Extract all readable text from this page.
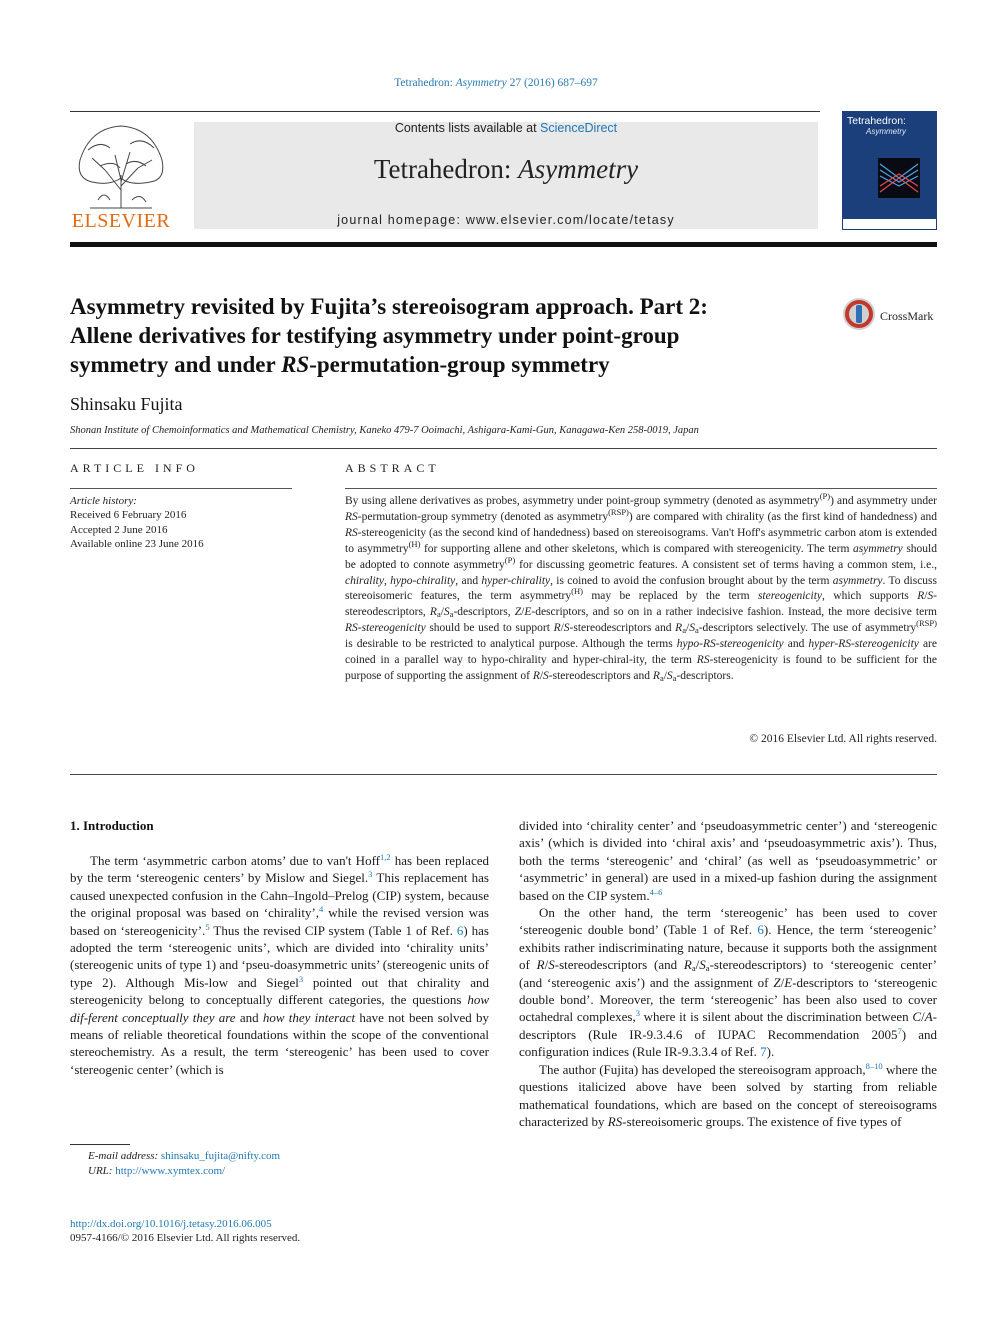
Tetrahedron: Asymmetry 27 (2016) 687–697
ELSEVIER
Contents lists available at ScienceDirect
Tetrahedron: Asymmetry
journal homepage: www.elsevier.com/locate/tetasy
Tetrahedron:
Asymmetry
Asymmetry revisited by Fujita’s stereoisogram approach. Part 2:
Allene derivatives for testifying asymmetry under point-group
symmetry and under RS-permutation-group symmetry
CrossMark
Shinsaku Fujita
Shonan Institute of Chemoinformatics and Mathematical Chemistry, Kaneko 479-7 Ooimachi, Ashigara-Kami-Gun, Kanagawa-Ken 258-0019, Japan
ARTICLE INFO
Article history:
Received 6 February 2016
Accepted 2 June 2016
Available online 23 June 2016
ABSTRACT
By using allene derivatives as probes, asymmetry under point-group symmetry (denoted as asymmetry$^{(P)}$) and asymmetry under RS-permutation-group symmetry (denoted as asymmetry$^{(RSP)}$) are compared with chirality (as the first kind of handedness) and RS-stereogenicity (as the second kind of handedness) based on stereoisograms. Van't Hoff's asymmetric carbon atom is extended to asymmetry$^{(H)}$ for supporting allene and other skeletons, which is compared with stereogenicity. The term asymmetry should be adopted to connote asymmetry$^{(P)}$ for discussing geometric features. A consistent set of terms having a common stem, i.e., chirality, hypo-chirality, and hyper-chirality, is coined to avoid the confusion brought about by the term asymmetry. To discuss stereoisomeric features, the term asymmetry$^{(H)}$ may be replaced by the term stereogenicity, which supports R/S-stereodescriptors, $R_a/S_a$-descriptors, Z/E-descriptors, and so on in a rather indecisive fashion. Instead, the more decisive term RS-stereogenicity should be used to support R/S-stereodescriptors and $R_a/S_a$-descriptors selectively. The use of asymmetry$^{(RSP)}$ is desirable to be restricted to analytical purpose. Although the terms hypo-RS-stereogenicity and hyper-RS-stereogenicity are coined in a parallel way to hypo-chirality and hyper-chiral-ity, the term RS-stereogenicity is found to be sufficient for the purpose of supporting the assignment of R/S-stereodescriptors and $R_a/S_a$-descriptors.
© 2016 Elsevier Ltd. All rights reserved.
1. Introduction

The term ‘asymmetric carbon atoms’ due to van't Hoff$^{1,2}$ has been replaced by the term ‘stereogenic centers’ by Mislow and Siegel.$^3$ This replacement has caused unexpected confusion in the Cahn–Ingold–Prelog (CIP) system, because the original proposal was based on ‘chirality’,$^4$ while the revised version was based on ‘stereogenicity’.$^5$ Thus the revised CIP system (Table 1 of Ref. 6) has adopted the term ‘stereogenic units’, which are divided into ‘chirality units’ (stereogenic units of type 1) and ‘pseu-doasymmetric units’ (stereogenic units of type 2). Although Mis-low and Siegel$^3$ pointed out that chirality and stereogenicity belong to conceptually different categories, the questions how dif-ferent conceptually they are and how they interact have not been solved by means of reliable theoretical foundations within the scope of the conventional stereochemistry. As a result, the term ‘stereogenic’ has been used to cover ‘stereogenic center’ (which is

divided into ‘chirality center’ and ‘pseudoasymmetric center’) and ‘stereogenic axis’ (which is divided into ‘chiral axis’ and ‘pseudoasymmetric axis’). Thus, both the terms ‘stereogenic’ and ‘chiral’ (as well as ‘pseudoasymmetric’ or ‘asymmetric’ in general) are used in a mixed-up fashion during the assignment based on the CIP system.$^{4-6}$

On the other hand, the term ‘stereogenic’ has been used to cover ‘stereogenic double bond’ (Table 1 of Ref. 6). Hence, the term ‘stereogenic’ exhibits rather indiscriminating nature, because it supports both the assignment of R/S-stereodescriptors (and $R_a/S_a-stereodescriptors$) to ‘stereogenic center’ (and ‘stereogenic axis’) and the assignment of Z/E-descriptors to ‘stereogenic double bond’. Moreover, the term ‘stereogenic’ has been also used to cover octahedral complexes,$^3$ where it is silent about the discrimination between C/A-descriptors (Rule IR-9.3.4.6 of IUPAC Recommendation 2005$^7$) and configuration indices (Rule IR-9.3.3.4 of Ref. 7).

The author (Fujita) has developed the stereoisogram approach,$^{8-10}$ where the questions italicized above have been solved by starting from reliable mathematical foundations, which are based on the concept of stereoisograms characterized by RS-stereoisomeric groups. The existence of five types of

E-mail address: shinsaku_fujita@nifty.com
URL: http://www.xymtex.com/
http://dx.doi.org/10.1016/j.tetasy.2016.06.005
0957-4166/© 2016 Elsevier Ltd. All rights reserved.
